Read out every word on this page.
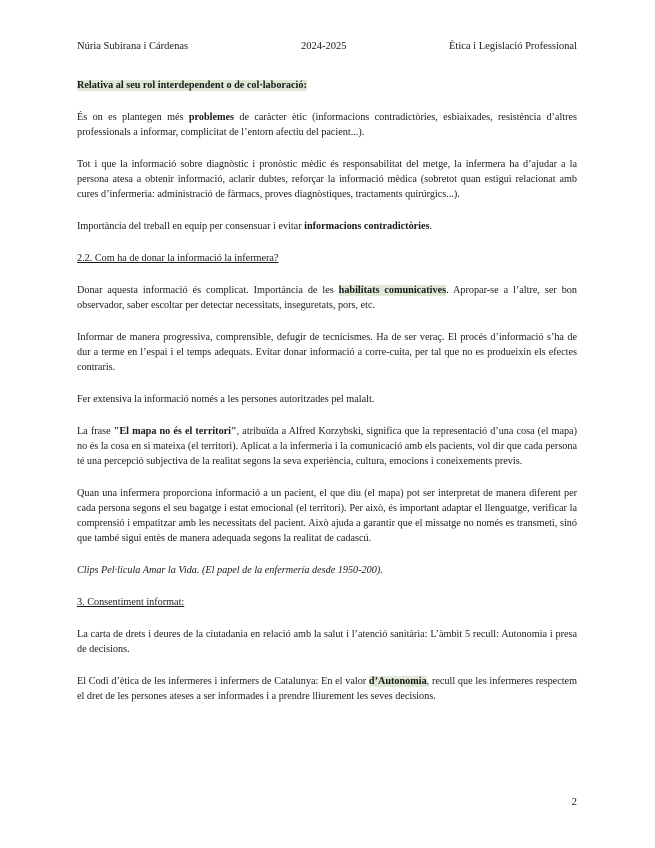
Núria Subirana i Cárdenas	2024-2025	Ètica i Legislació Professional

Relativa al seu rol interdependent o de col·laboració:

És on es plantegen més problemes de caràcter ètic (informacions contradictòries, esbiaixades, resistència d’altres professionals a informar, complicitat de l’entorn afectiu del pacient...).

Tot i que la informació sobre diagnòstic i pronòstic mèdic és responsabilitat del metge, la infermera ha d’ajudar a la persona atesa a obtenir informació, aclarir dubtes, reforçar la informació mèdica (sobretot quan estigui relacionat amb cures d’infermeria: administració de fàrmacs, proves diagnòstiques, tractaments quirúrgics...).

Importància del treball en equip per consensuar i evitar informacions contradictòries.

2.2. Com ha de donar la informació la infermera?

Donar aquesta informació és complicat. Importància de les habilitats comunicatives. Apropar-se a l’altre, ser bon observador, saber escoltar per detectar necessitats, inseguretats, pors, etc.

Informar de manera progressiva, comprensible, defugir de tecnicismes. Ha de ser veraç. El procés d’informació s’ha de dur a terme en l’espai i el temps adequats. Evitar donar informació a corre-cuita, per tal que no es produeixin els efectes contraris.

Fer extensiva la informació només a les persones autoritzades pel malalt.

La frase "El mapa no és el territori", atribuïda a Alfred Korzybski, significa que la representació d’una cosa (el mapa) no és la cosa en si mateixa (el territori). Aplicat a la infermeria i la comunicació amb els pacients, vol dir que cada persona té una percepció subjectiva de la realitat segons la seva experiència, cultura, emocions i coneixements previs.

Quan una infermera proporciona informació a un pacient, el que diu (el mapa) pot ser interpretat de manera diferent per cada persona segons el seu bagatge i estat emocional (el territori). Per això, és important adaptar el llenguatge, verificar la comprensió i empatitzar amb les necessitats del pacient. Això ajuda a garantir que el missatge no només es transmeti, sinó que també sigui entès de manera adequada segons la realitat de cadascú.

Clips Pel·lícula Amar la Vida. (El papel de la enfermería desde 1950-200).

3. Consentiment informat:

La carta de drets i deures de la ciutadania en relació amb la salut i l’atenció sanitària: L’àmbit 5 recull: Autonomia i presa de decisions.

El Codi d’ètica de les infermeres i infermers de Catalunya: En el valor d’Autonomia, recull que les infermeres respectem el dret de les persones ateses a ser informades i a prendre lliurement les seves decisions.

2
